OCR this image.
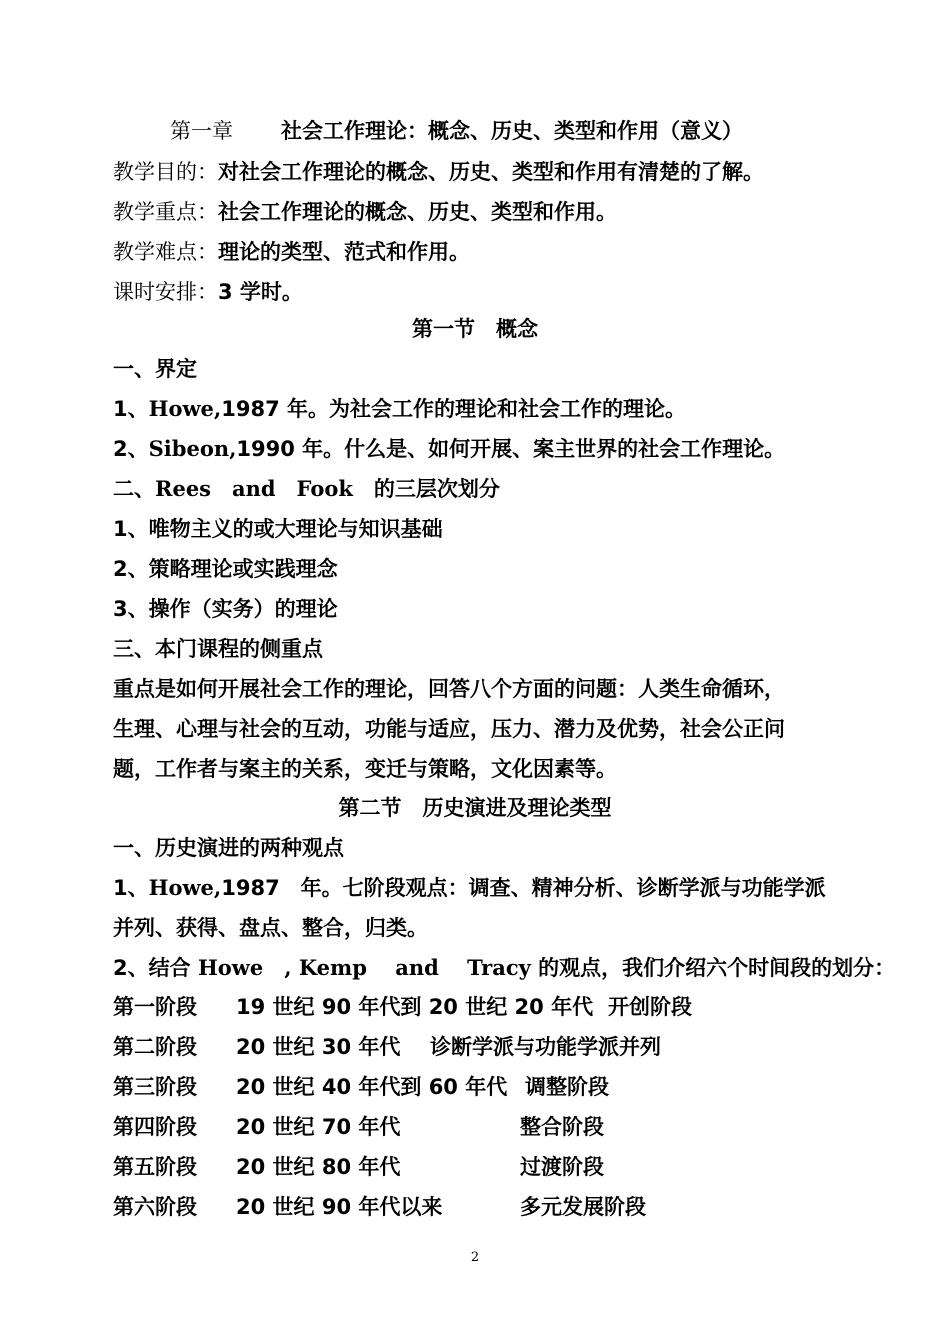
第一章 社会工作理论：概念、历史、类型和作用（意义）
教学目的：对社会工作理论的概念、历史、类型和作用有清楚的了解。
教学重点：社会工作理论的概念、历史、类型和作用。
教学难点：理论的类型、范式和作用。
课时安排：3 学时。
第一节　概念
一、界定
1、Howe,1987 年。为社会工作的理论和社会工作的理论。
2、Sibeon,1990 年。什么是、如何开展、案主世界的社会工作理论。
二、Rees　and　Fook　的三层次划分
1、唯物主义的或大理论与知识基础
2、策略理论或实践理念
3、操作（实务）的理论
三、本门课程的侧重点
重点是如何开展社会工作的理论，回答八个方面的问题：人类生命循环，
生理、心理与社会的互动，功能与适应，压力、潜力及优势，社会公正问
题，工作者与案主的关系，变迁与策略，文化因素等。
第二节　历史演进及理论类型
一、历史演进的两种观点
1、Howe,1987　年。七阶段观点：调查、精神分析、诊断学派与功能学派
并列、获得、盘点、整合，归类。
2、结合 Howe　, Kemp　 and　 Tracy 的观点，我们介绍六个时间段的划分：
第一阶段 19 世纪 90 年代到 20 世纪 20 年代 开创阶段
第二阶段 20 世纪 30 年代 诊断学派与功能学派并列
第三阶段 20 世纪 40 年代到 60 年代 调整阶段
第四阶段 20 世纪 70 年代	整合阶段
第五阶段 20 世纪 80 年代	过渡阶段
第六阶段 20 世纪 90 年代以来	多元发展阶段
2
